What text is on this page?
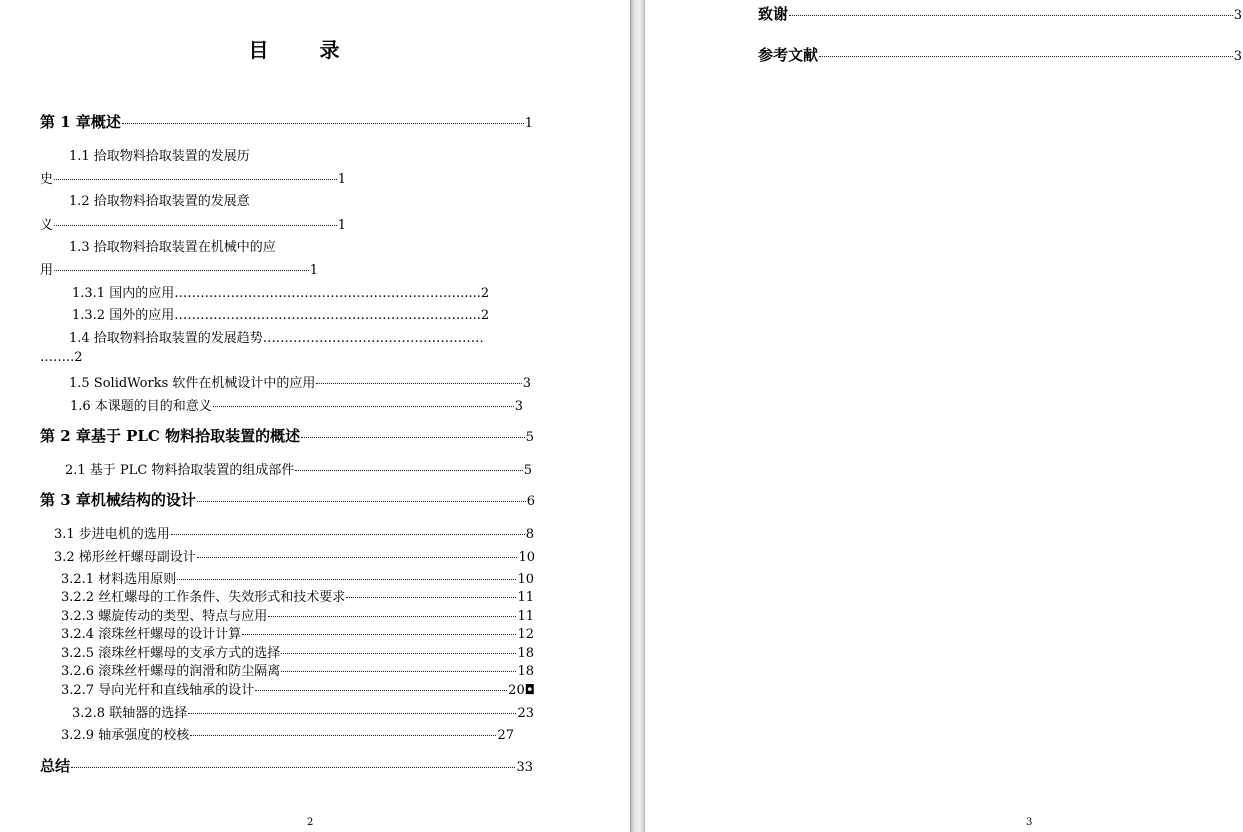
目 录
第 1 章概述	1
1.1 拾取物料拾取装置的发展历
史	1
1.2 拾取物料拾取装置的发展意
义	1
1.3 拾取物料拾取装置在机械中的应
用	1
1.3.1 国内的应用………………………………………………………….....2
1.3.2 国外的应用………………………………………………………….....2
1.4 拾取物料拾取装置的发展趋势……………………………………………
……..2
1.5 SolidWorks 软件在机械设计中的应用	3
1.6 本课题的目的和意义	3
第 2 章基于 PLC 物料拾取装置的概述	5
2.1 基于 PLC 物料拾取装置的组成部件	5
第 3 章机械结构的设计	6
3.1 步进电机的选用	8
3.2 梯形丝杆螺母副设计	10
3.2.1 材料选用原则	10
3.2.2 丝杠螺母的工作条件、失效形式和技术要求	11
3.2.3 螺旋传动的类型、特点与应用	11
3.2.4 滚珠丝杆螺母的设计计算	12
3.2.5 滚珠丝杆螺母的支承方式的选择	18
3.2.6 滚珠丝杆螺母的润滑和防尘隔离	18
3.2.7 导向光杆和直线轴承的设计	20◘
3.2.8 联轴器的选择	23
3.2.9 轴承强度的校核	27
总结	33
2
致谢	3
参考文献	3
3
